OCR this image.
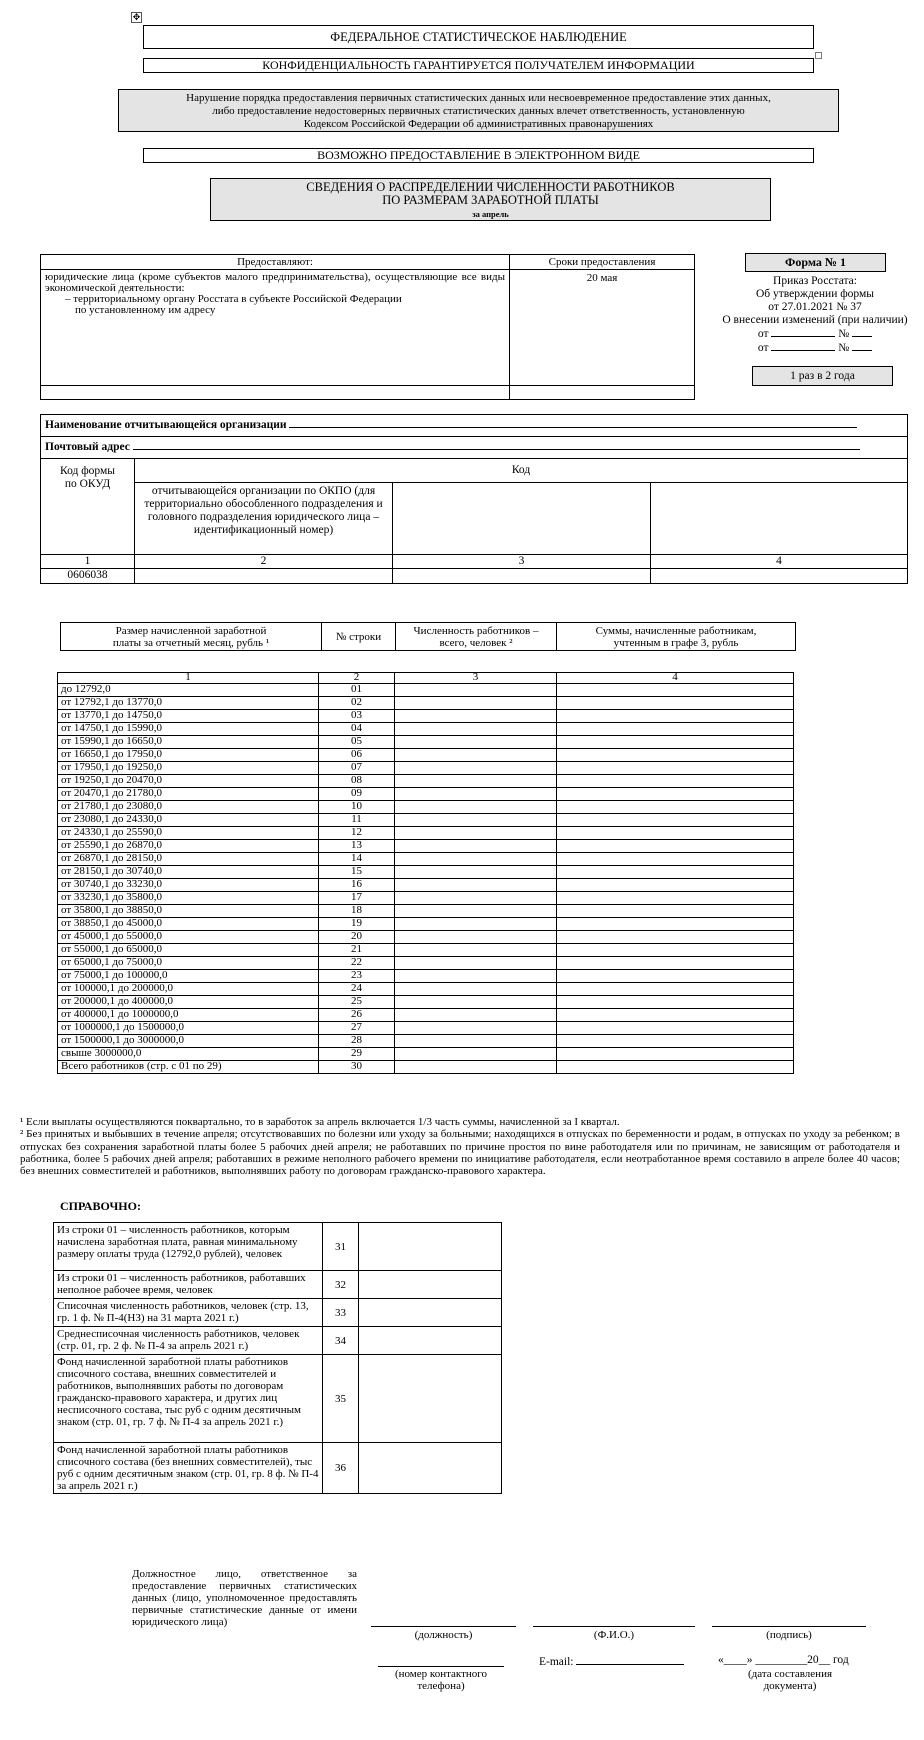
✥
ФЕДЕРАЛЬНОЕ СТАТИСТИЧЕСКОЕ НАБЛЮДЕНИЕ
КОНФИДЕНЦИАЛЬНОСТЬ ГАРАНТИРУЕТСЯ ПОЛУЧАТЕЛЕМ ИНФОРМАЦИИ
Нарушение порядка предоставления первичных статистических данных или несвоевременное предоставление этих данных,
либо предоставление недостоверных первичных статистических данных влечет ответственность, установленную
Кодексом Российской Федерации об административных правонарушениях
ВОЗМОЖНО ПРЕДОСТАВЛЕНИЕ В ЭЛЕКТРОННОМ ВИДЕ
СВЕДЕНИЯ О РАСПРЕДЕЛЕНИИ ЧИСЛЕННОСТИ РАБОТНИКОВ
ПО РАЗМЕРАМ ЗАРАБОТНОЙ ПЛАТЫ
за апрель
Предоставляют:	Сроки предоставления

юридические лица (кроме субъектов малого предпринимательства), осуществляющие все виды экономической деятельности:
– территориальному органу Росстата в субъекте Российской Федерации
по установленному им адресу	20 мая

Форма № 1
Приказ Росстата:
Об утверждении формы
от 27.01.2021 № 37
О внесении изменений (при наличии)
от	№
от	№
1 раз в 2 года
Наименование отчитывающейся организации			
Почтовый адрес			
Код формы по ОКУД	Код		
	отчитывающейся организации по ОКПО (для территориально обособленного подразделения и головного подразделения юридического лица – идентификационный номер)		
1	2	3	4
0606038			
Размер начисленной заработной платы за отчетный месяц, рубль ¹	№ строки	Численность работников – всего, человек ²	Суммы, начисленные работникам, учтенным в графе 3, рубль
1	2	3	4
до 12792,0	01		
от 12792,1 до 13770,0	02		
от 13770,1 до 14750,0	03		
от 14750,1 до 15990,0	04		
от 15990,1 до 16650,0	05		
от 16650,1 до 17950,0	06		
от 17950,1 до 19250,0	07		
от 19250,1 до 20470,0	08		
от 20470,1 до 21780,0	09		
от 21780,1 до 23080,0	10		
от 23080,1 до 24330,0	11		
от 24330,1 до 25590,0	12		
от 25590,1 до 26870,0	13		
от 26870,1 до 28150,0	14		
от 28150,1 до 30740,0	15		
от 30740,1 до 33230,0	16		
от 33230,1 до 35800,0	17		
от 35800,1 до 38850,0	18		
от 38850,1 до 45000,0	19		
от 45000,1 до 55000,0	20		
от 55000,1 до 65000,0	21		
от 65000,1 до 75000,0	22		
от 75000,1 до 100000,0	23		
от 100000,1 до 200000,0	24		
от 200000,1 до 400000,0	25		
от 400000,1 до 1000000,0	26		
от 1000000,1 до 1500000,0	27		
от 1500000,1 до 3000000,0	28		
свыше 3000000,0	29		
Всего работников (стр. с 01 по 29)	30		
¹ Если выплаты осуществляются поквартально, то в заработок за апрель включается 1/3 часть суммы, начисленной за I квартал.
² Без принятых и выбывших в течение апреля; отсутствовавших по болезни или уходу за больными; находящихся в отпусках по беременности и родам, в отпусках по уходу за ребенком; в отпусках без сохранения заработной платы более 5 рабочих дней апреля; не работавших по причине простоя по вине работодателя или по причинам, не зависящим от работодателя и работника, более 5 рабочих дней апреля; работавших в режиме неполного рабочего времени по инициативе работодателя, если неотработанное время составило в апреле более 40 часов; без внешних совместителей и работников, выполнявших работу по договорам гражданско-правового характера.
СПРАВОЧНО:
Из строки 01 – численность работников, которым начислена заработная плата, равная минимальному размеру оплаты труда (12792,0 рублей), человек	31	
Из строки 01 – численность работников, работавших неполное рабочее время, человек	32	
Списочная численность работников, человек (стр. 13, гр. 1 ф. № П-4(НЗ) на 31 марта 2021 г.)	33	
Среднесписочная численность работников, человек (стр. 01, гр. 2 ф. № П-4 за апрель 2021 г.)	34	
Фонд начисленной заработной платы работников списочного состава, внешних совместителей и работников, выполнявших работы по договорам гражданско-правового характера, и других лиц несписочного состава, тыс руб с одним десятичным знаком (стр. 01, гр. 7 ф. № П-4 за апрель 2021 г.)	35	
Фонд начисленной заработной платы работников списочного состава (без внешних совместителей), тыс руб с одним десятичным знаком (стр. 01, гр. 8 ф. № П-4 за апрель 2021 г.)	36	
Должностное лицо, ответственное за предоставление первичных статистических данных (лицо, уполномоченное предоставлять первичные статистические данные от имени юридического лица)
(должность)	(Ф.И.О.)	(подпись)
(номер контактного телефона)
E-mail:	«____» _________20__ год
(дата составления документа)
